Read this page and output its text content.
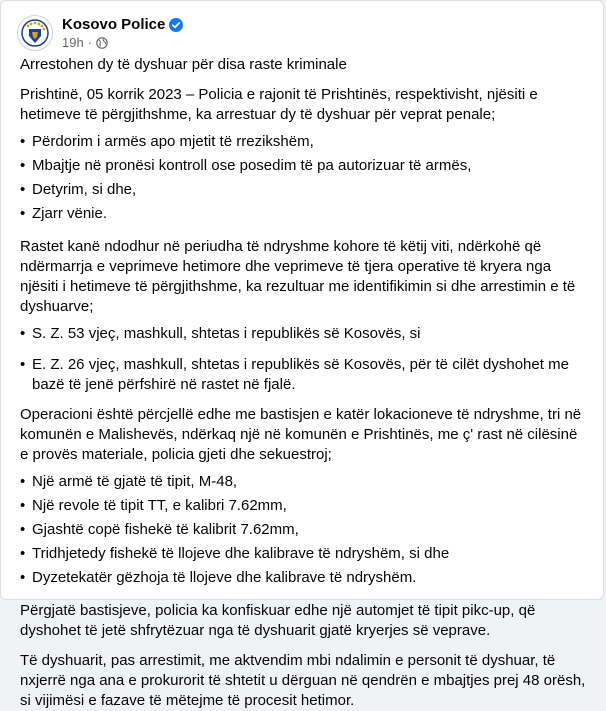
Kosovo Police
19h ·

Arrestohen dy të dyshuar për disa raste kriminale

Prishtinë, 05 korrik 2023 – Policia e rajonit të Prishtinës, respektivisht, njësiti e hetimeve të përgjithshme, ka arrestuar dy të dyshuar për veprat penale;

• Përdorim i armës apo mjetit të rrezikshëm,
• Mbajtje në pronësi kontroll ose posedim të pa autorizuar të armës,
• Detyrim, si dhe,
• Zjarr vënie.

Rastet kanë ndodhur në periudha të ndryshme kohore të këtij viti, ndërkohë që ndërmarrja e veprimeve hetimore dhe veprimeve të tjera operative të kryera nga njësiti i hetimeve të përgjithshme, ka rezultuar me identifikimin si dhe arrestimin e të dyshuarve;

• S. Z. 53 vjeç, mashkull, shtetas i republikës së Kosovës, si
• E. Z. 26 vjeç, mashkull, shtetas i republikës së Kosovës, për të cilët dyshohet me bazë të jenë përfshirë në rastet në fjalë.

Operacioni është përcjellë edhe me bastisjen e katër lokacioneve të ndryshme, tri në komunën e Malishevës, ndërkaq një në komunën e Prishtinës, me ç' rast në cilësinë e provës materiale, policia gjeti dhe sekuestroj;

• Një armë të gjatë të tipit, M-48,
• Një revole të tipit TT, e kalibri 7.62mm,
• Gjashtë copë fishekë të kalibrit 7.62mm,
• Tridhjetedy fishekë të llojeve dhe kalibrave të ndryshëm, si dhe
• Dyzetekatër gëzhoja të llojeve dhe kalibrave të ndryshëm.

Përgjatë bastisjeve, policia ka konfiskuar edhe një automjet të tipit pikc-up, që dyshohet të jetë shfrytëzuar nga të dyshuarit gjatë kryerjes së veprave.

Të dyshuarit, pas arrestimit, me aktvendim mbi ndalimin e personit të dyshuar, të nxjerrë nga ana e prokurorit të shtetit u dërguan në qendrën e mbajtjes prej 48 orësh, si vijimësi e fazave të mëtejme të procesit hetimor.
